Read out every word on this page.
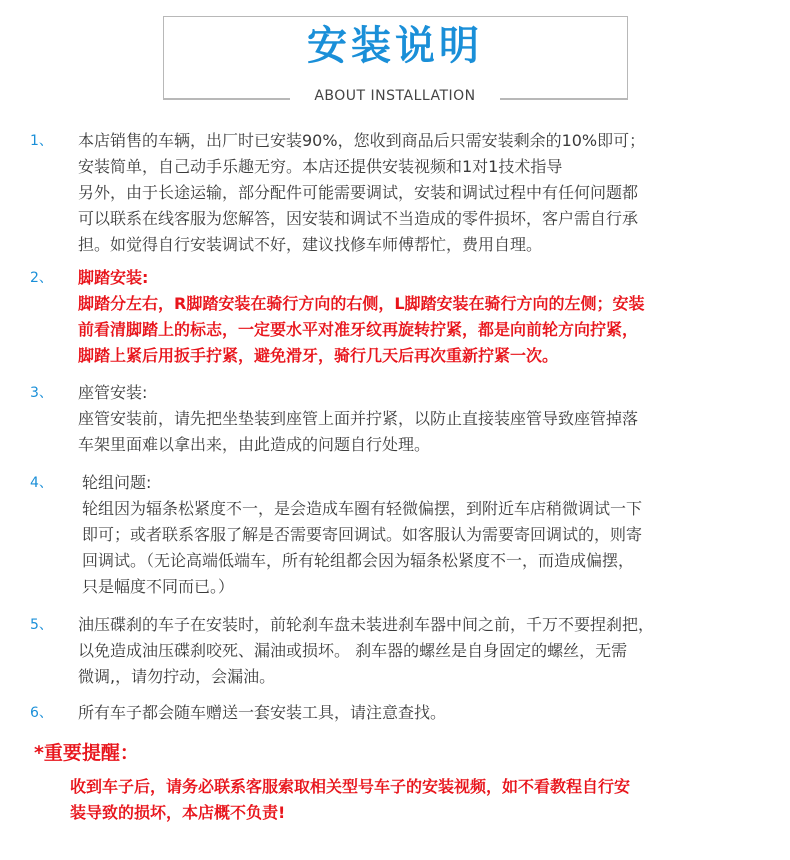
安装说明
ABOUT INSTALLATION
1、 本店销售的车辆，出厂时已安装90%，您收到商品后只需安装剩余的10%即可；

安装简单，自己动手乐趣无穷。本店还提供安装视频和1对1技术指导

另外，由于长途运输，部分配件可能需要调试，安装和调试过程中有任何问题都

可以联系在线客服为您解答，因安装和调试不当造成的零件损坏，客户需自行承

担。如觉得自行安装调试不好，建议找修车师傅帮忙，费用自理。

2、 脚踏安装:

脚踏分左右，R脚踏安装在骑行方向的右侧，L脚踏安装在骑行方向的左侧；安装

前看清脚踏上的标志，一定要水平对准牙纹再旋转拧紧，都是向前轮方向拧紧，

脚踏上紧后用扳手拧紧，避免滑牙，骑行几天后再次重新拧紧一次。

3、 座管安装:

座管安装前，请先把坐垫装到座管上面并拧紧，以防止直接装座管导致座管掉落

车架里面难以拿出来，由此造成的问题自行处理。

4、 轮组问题:

轮组因为辐条松紧度不一，是会造成车圈有轻微偏摆，到附近车店稍微调试一下

即可；或者联系客服了解是否需要寄回调试。如客服认为需要寄回调试的，则寄

回调试。（无论高端低端车，所有轮组都会因为辐条松紧度不一，而造成偏摆，

只是幅度不同而已。）

5、 油压碟刹的车子在安装时，前轮刹车盘未装进刹车器中间之前，千万不要捏刹把，

以免造成油压碟刹咬死、漏油或损坏。 刹车器的螺丝是自身固定的螺丝，无需

微调,，请勿拧动，会漏油。

6、 所有车子都会随车赠送一套安装工具，请注意查找。

*重要提醒：
收到车子后，请务必联系客服索取相关型号车子的安装视频，如不看教程自行安
装导致的损坏，本店概不负责!
